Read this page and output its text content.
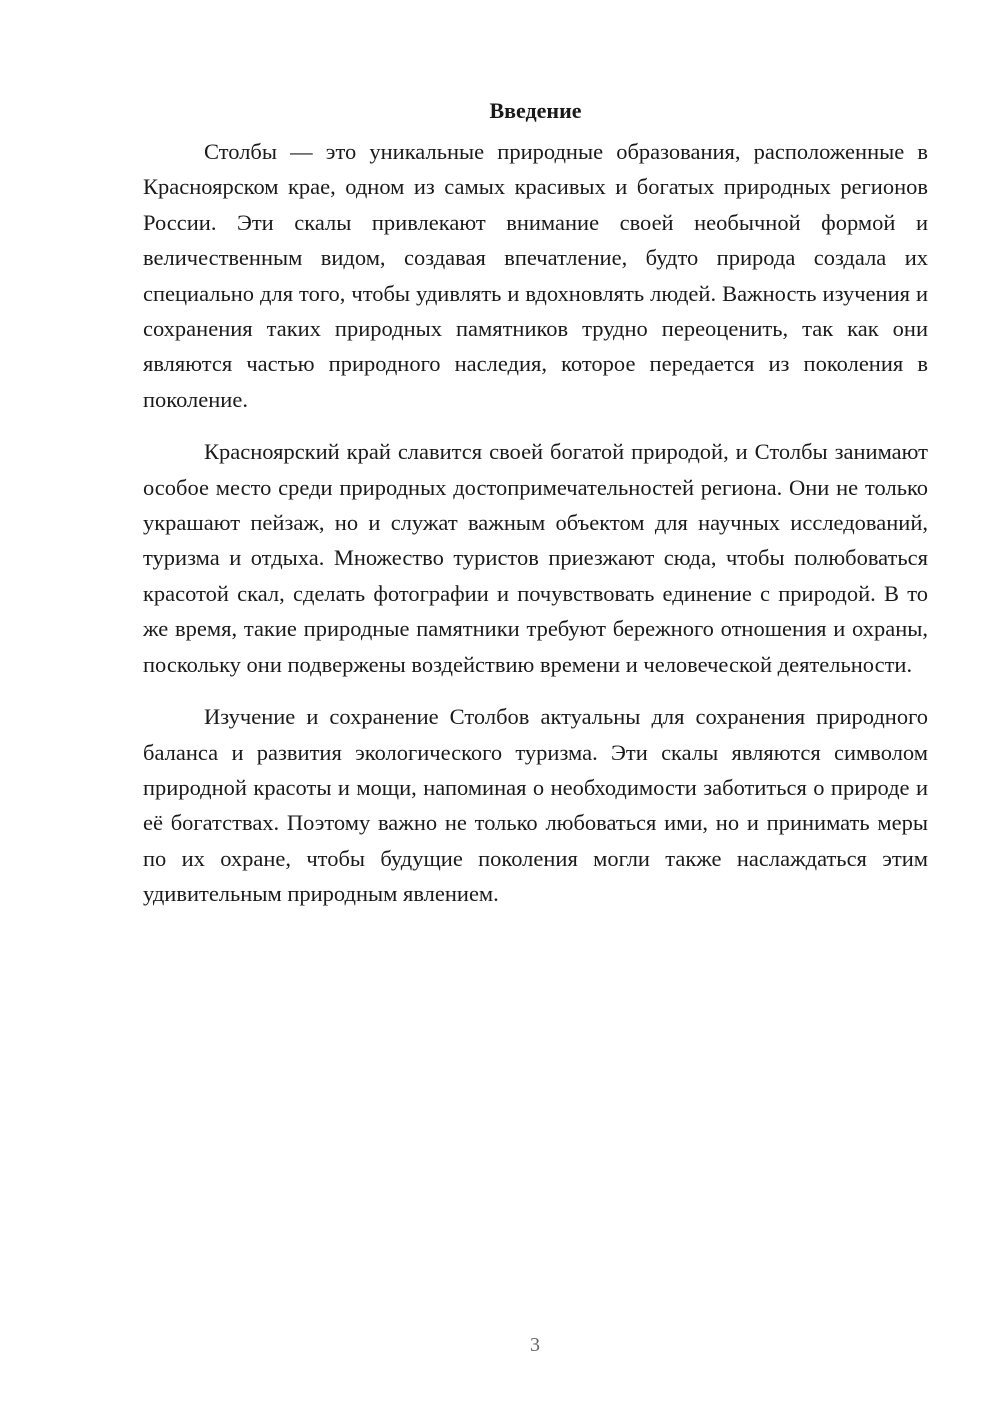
Введение

Столбы — это уникальные природные образования, расположенные в Красноярском крае, одном из самых красивых и богатых природных регионов России. Эти скалы привлекают внимание своей необычной формой и величественным видом, создавая впечатление, будто природа создала их специально для того, чтобы удивлять и вдохновлять людей. Важность изучения и сохранения таких природных памятников трудно переоценить, так как они являются частью природного наследия, которое передается из поколения в поколение.

Красноярский край славится своей богатой природой, и Столбы занимают особое место среди природных достопримечательностей региона. Они не только украшают пейзаж, но и служат важным объектом для научных исследований, туризма и отдыха. Множество туристов приезжают сюда, чтобы полюбоваться красотой скал, сделать фотографии и почувствовать единение с природой. В то же время, такие природные памятники требуют бережного отношения и охраны, поскольку они подвержены воздействию времени и человеческой деятельности.

Изучение и сохранение Столбов актуальны для сохранения природного баланса и развития экологического туризма. Эти скалы являются символом природной красоты и мощи, напоминая о необходимости заботиться о природе и её богатствах. Поэтому важно не только любоваться ими, но и принимать меры по их охране, чтобы будущие поколения могли также наслаждаться этим удивительным природным явлением.

3
